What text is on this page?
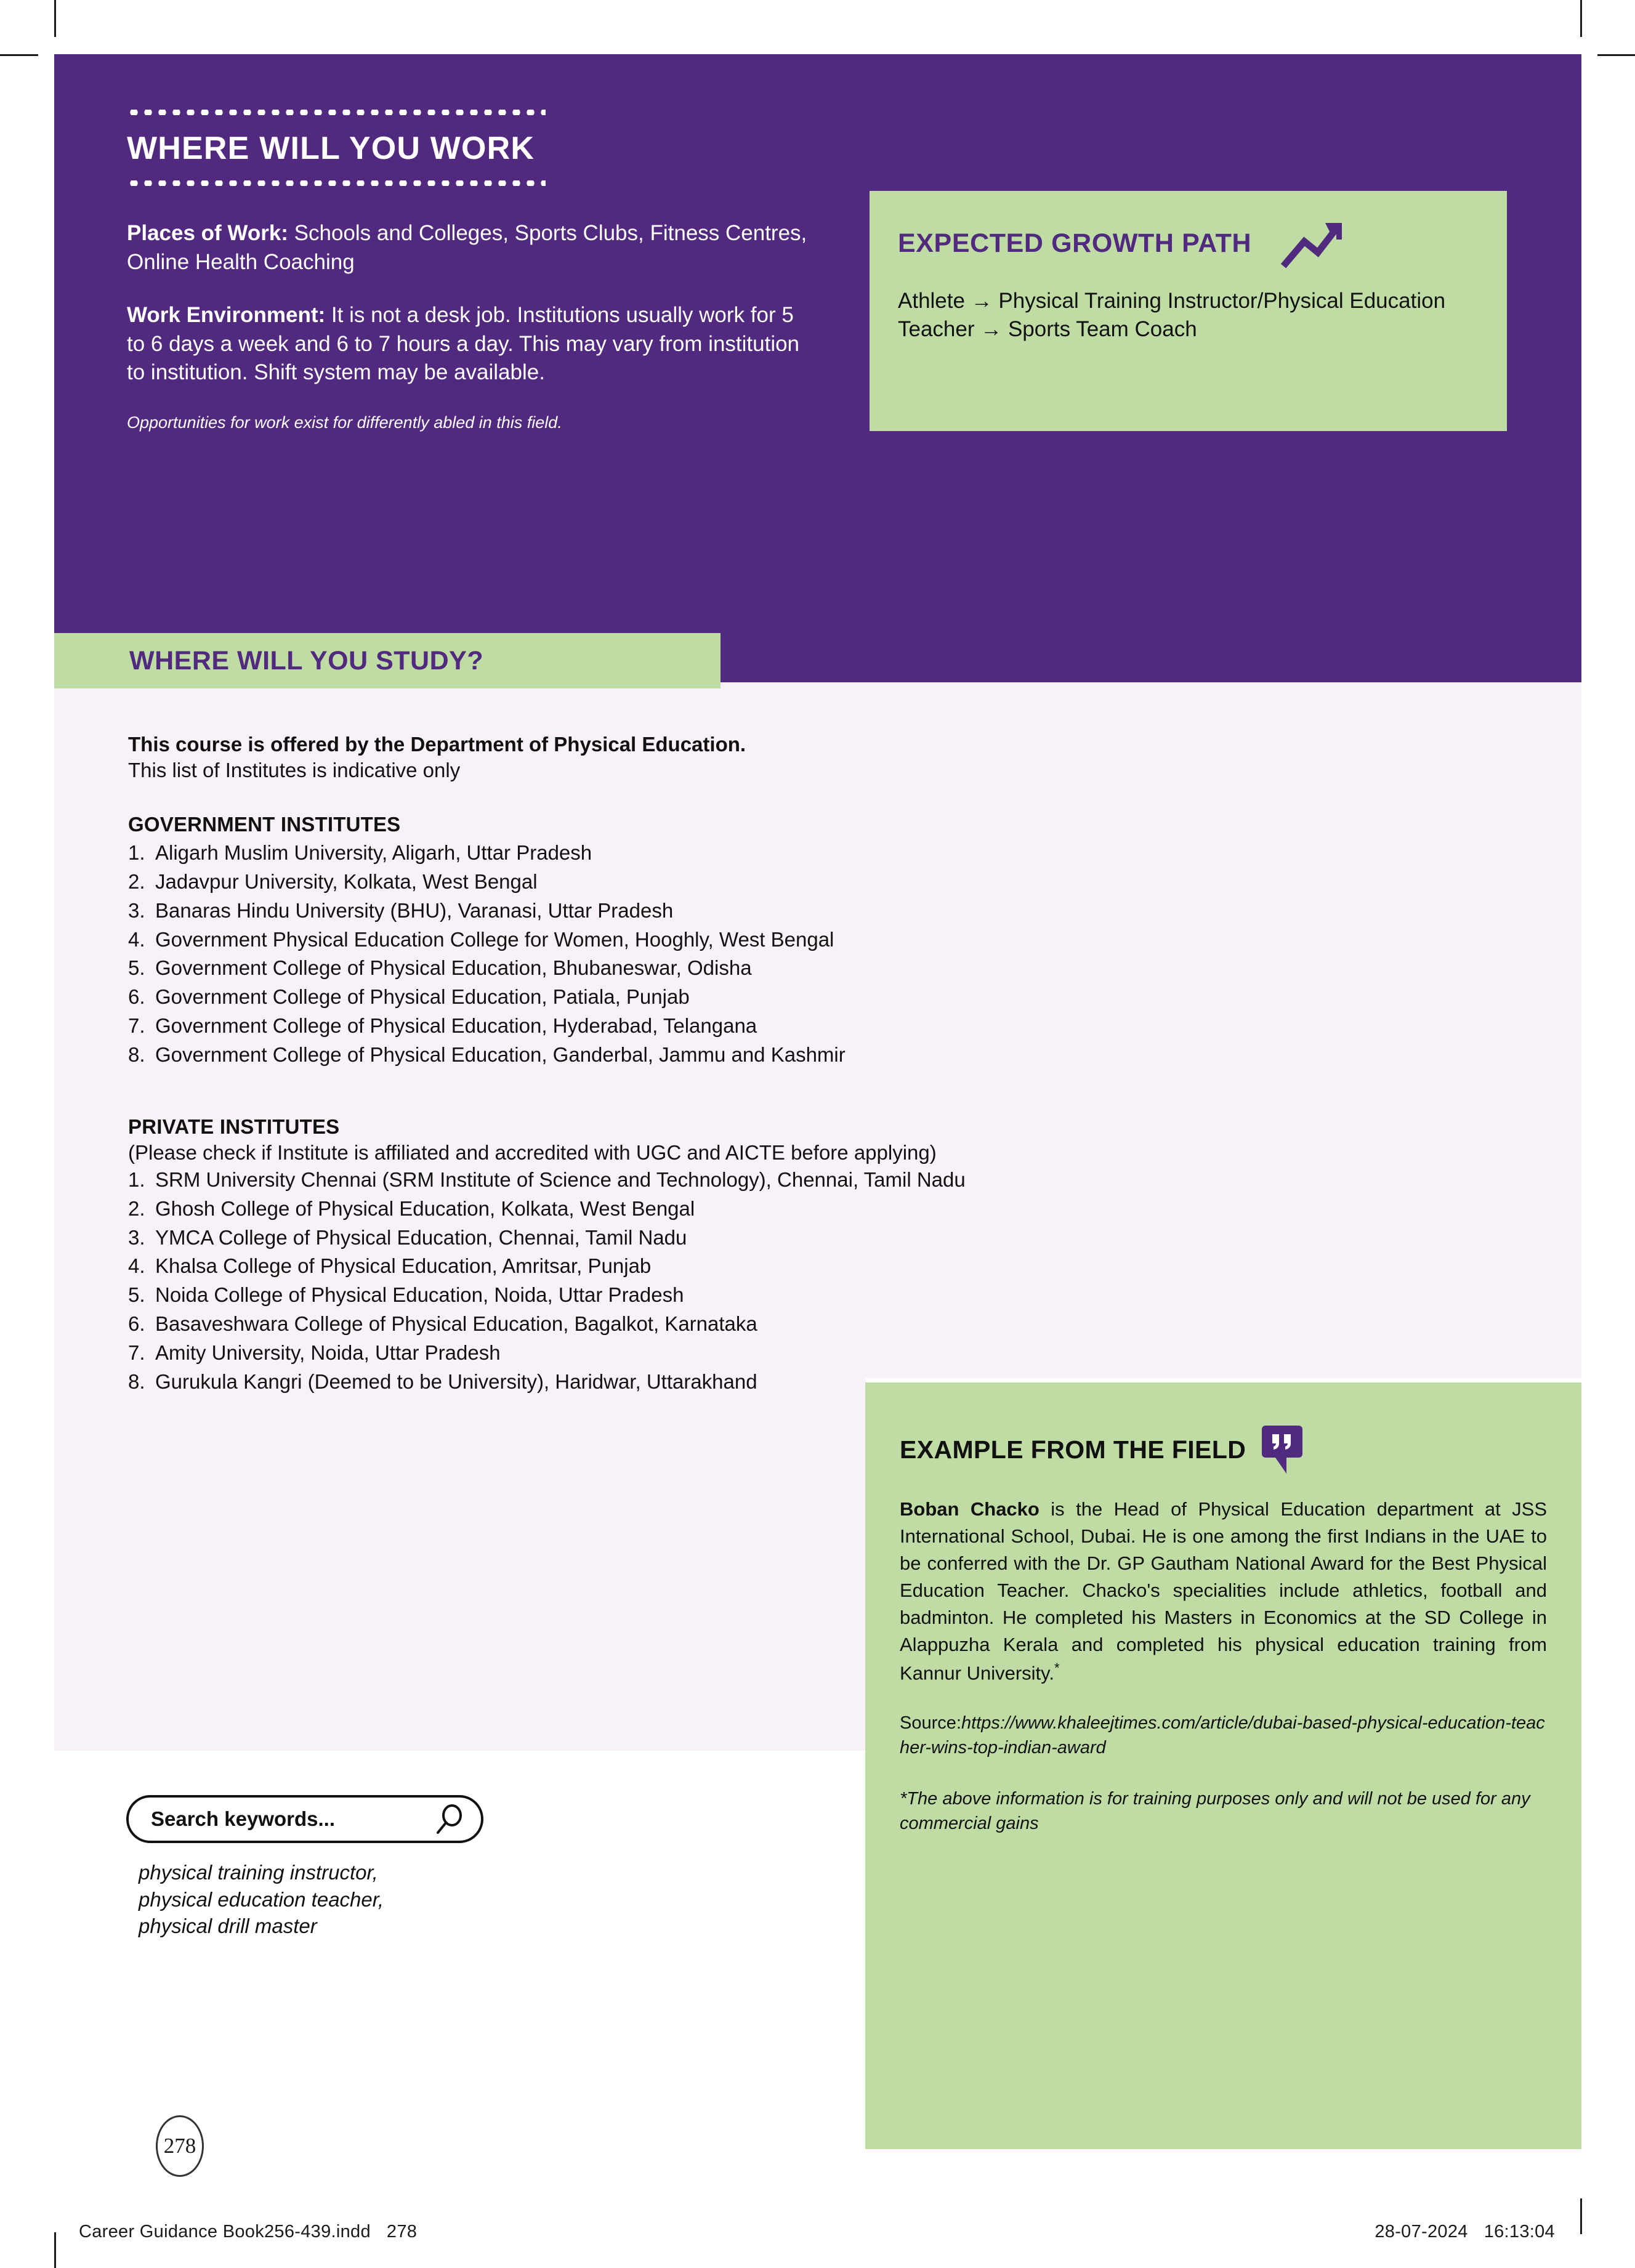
WHERE WILL YOU WORK

Places of Work: Schools and Colleges, Sports Clubs, Fitness Centres, Online Health Coaching

Work Environment: It is not a desk job. Institutions usually work for 5 to 6 days a week and 6 to 7 hours a day. This may vary from institution to institution. Shift system may be available.

Opportunities for work exist for differently abled in this field.
EXPECTED GROWTH PATH
Athlete → Physical Training Instructor/Physical Education Teacher → Sports Team Coach
WHERE WILL YOU STUDY?
This course is offered by the Department of Physical Education.
This list of Institutes is indicative only
GOVERNMENT INSTITUTES
1. Aligarh Muslim University, Aligarh, Uttar Pradesh
2. Jadavpur University, Kolkata, West Bengal
3. Banaras Hindu University (BHU), Varanasi, Uttar Pradesh
4. Government Physical Education College for Women, Hooghly, West Bengal
5. Government College of Physical Education, Bhubaneswar, Odisha
6. Government College of Physical Education, Patiala, Punjab
7. Government College of Physical Education, Hyderabad, Telangana
8. Government College of Physical Education, Ganderbal, Jammu and Kashmir
PRIVATE INSTITUTES
(Please check if Institute is affiliated and accredited with UGC and AICTE before applying)
1. SRM University Chennai (SRM Institute of Science and Technology), Chennai, Tamil Nadu
2. Ghosh College of Physical Education, Kolkata, West Bengal
3. YMCA College of Physical Education, Chennai, Tamil Nadu
4. Khalsa College of Physical Education, Amritsar, Punjab
5. Noida College of Physical Education, Noida, Uttar Pradesh
6. Basaveshwara College of Physical Education, Bagalkot, Karnataka
7. Amity University, Noida, Uttar Pradesh
8. Gurukula Kangri (Deemed to be University), Haridwar, Uttarakhand
EXAMPLE FROM THE FIELD
Boban Chacko is the Head of Physical Education department at JSS International School, Dubai. He is one among the first Indians in the UAE to be conferred with the Dr. GP Gautham National Award for the Best Physical Education Teacher. Chacko's specialities include athletics, football and badminton. He completed his Masters in Economics at the SD College in Alappuzha Kerala and completed his physical education training from Kannur University.*
Source:https://www.khaleejtimes.com/article/dubai-based-physical-education-teacher-wins-top-indian-award
*The above information is for training purposes only and will not be used for any commercial gains
Search keywords...
physical training instructor,
physical education teacher,
physical drill master
278
Career Guidance Book256-439.indd 278	28-07-2024 16:13:04
